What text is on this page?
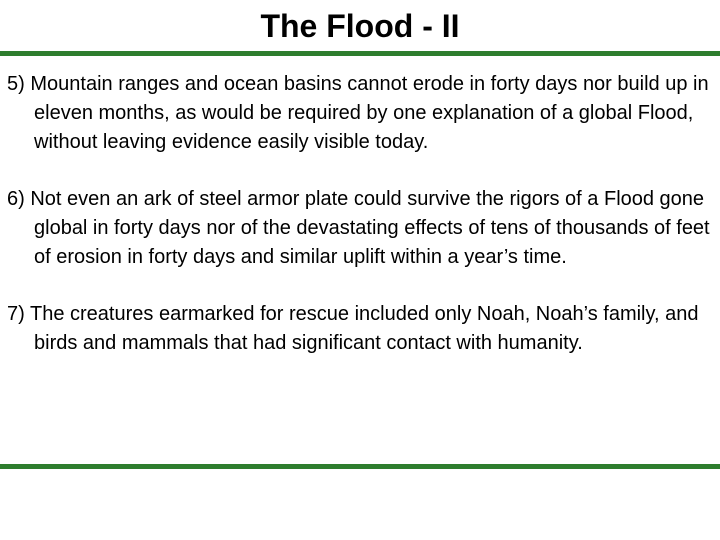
The Flood - II
5) Mountain ranges and ocean basins cannot erode in forty days nor build up in eleven months, as would be required by one explanation of a global Flood, without leaving evidence easily visible today.
6) Not even an ark of steel armor plate could survive the rigors of a Flood gone global in forty days nor of the devastating effects of tens of thousands of feet of erosion in forty days and similar uplift within a year’s time.
7) The creatures earmarked for rescue included only Noah, Noah’s family, and birds and mammals that had significant contact with humanity.
